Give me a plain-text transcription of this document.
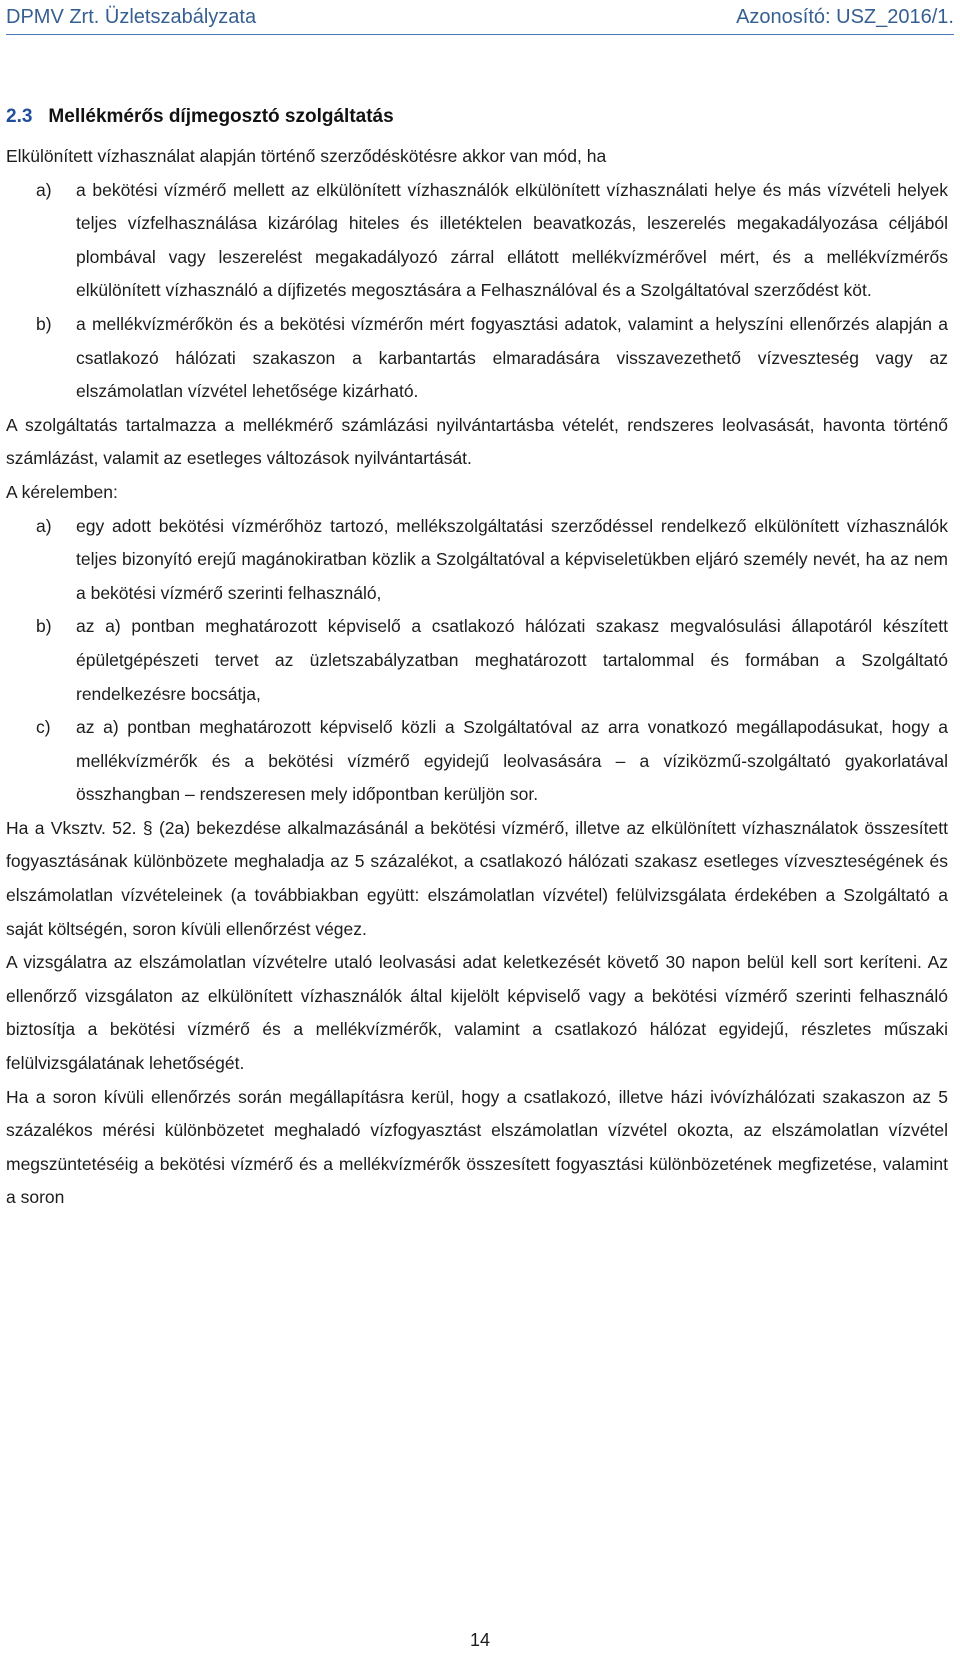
DPMV Zrt. Üzletszabályzata	Azonosító: USZ_2016/1.
2.3 Mellékmérős díjmegosztó szolgáltatás

Elkülönített vízhasználat alapján történő szerződéskötésre akkor van mód, ha

a)	a bekötési vízmérő mellett az elkülönített vízhasználók elkülönített vízhasználati helye és más vízvételi helyek teljes vízfelhasználása kizárólag hiteles és illetéktelen beavatkozás, leszerelés megakadályozása céljából plombával vagy leszerelést megakadályozó zárral ellátott mellékvízmérővel mért, és a mellékvízmérős elkülönített vízhasználó a díjfizetés megosztására a Felhasználóval és a Szolgáltatóval szerződést köt.
b)	a mellékvízmérőkön és a bekötési vízmérőn mért fogyasztási adatok, valamint a helyszíni ellenőrzés alapján a csatlakozó hálózati szakaszon a karbantartás elmaradására visszavezethető vízveszteség vagy az elszámolatlan vízvétel lehetősége kizárható.

A szolgáltatás tartalmazza a mellékmérő számlázási nyilvántartásba vételét, rendszeres leolvasását, havonta történő számlázást, valamit az esetleges változások nyilvántartását.

A kérelemben:

a)	egy adott bekötési vízmérőhöz tartozó, mellékszolgáltatási szerződéssel rendelkező elkülönített vízhasználók teljes bizonyító erejű magánokiratban közlik a Szolgáltatóval a képviseletükben eljáró személy nevét, ha az nem a bekötési vízmérő szerinti felhasználó,
b)	az a) pontban meghatározott képviselő a csatlakozó hálózati szakasz megvalósulási állapotáról készített épületgépészeti tervet az üzletszabályzatban meghatározott tartalommal és formában a Szolgáltató rendelkezésre bocsátja,
c)	az a) pontban meghatározott képviselő közli a Szolgáltatóval az arra vonatkozó megállapodásukat, hogy a mellékvízmérők és a bekötési vízmérő egyidejű leolvasására – a víziközmű-szolgáltató gyakorlatával összhangban – rendszeresen mely időpontban kerüljön sor.

Ha a Vksztv. 52. § (2a) bekezdése alkalmazásánál a bekötési vízmérő, illetve az elkülönített vízhasználatok összesített fogyasztásának különbözete meghaladja az 5 százalékot, a csatlakozó hálózati szakasz esetleges vízveszteségének és elszámolatlan vízvételeinek (a továbbiakban együtt: elszámolatlan vízvétel) felülvizsgálata érdekében a Szolgáltató a saját költségén, soron kívüli ellenőrzést végez.

A vizsgálatra az elszámolatlan vízvételre utaló leolvasási adat keletkezését követő 30 napon belül kell sort keríteni. Az ellenőrző vizsgálaton az elkülönített vízhasználók által kijelölt képviselő vagy a bekötési vízmérő szerinti felhasználó biztosítja a bekötési vízmérő és a mellékvízmérők, valamint a csatlakozó hálózat egyidejű, részletes műszaki felülvizsgálatának lehetőségét.

Ha a soron kívüli ellenőrzés során megállapításra kerül, hogy a csatlakozó, illetve házi ivóvízhálózati szakaszon az 5 százalékos mérési különbözetet meghaladó vízfogyasztást elszámolatlan vízvétel okozta, az elszámolatlan vízvétel megszüntetéséig a bekötési vízmérő és a mellékvízmérők összesített fogyasztási különbözetének megfizetése, valamint a soron

14
